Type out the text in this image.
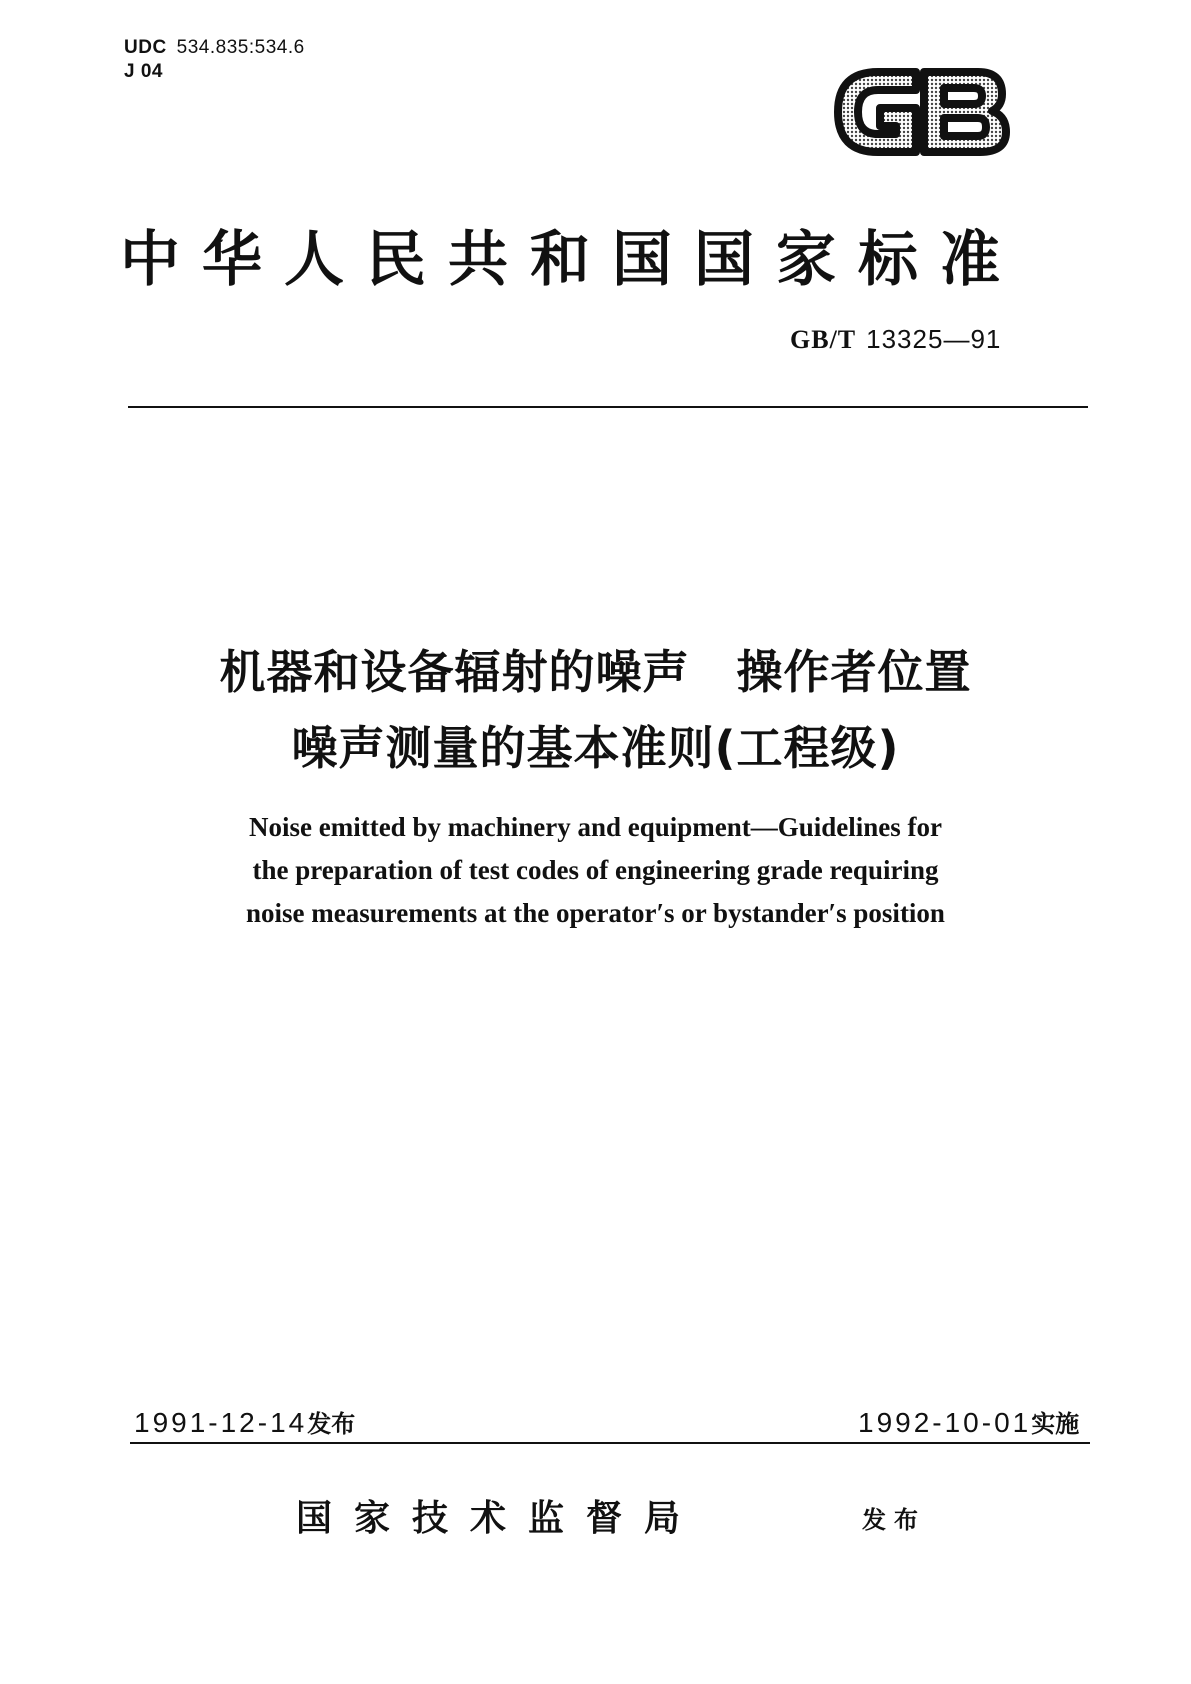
UDC 534.835:534.6
J 04
中华人民共和国国家标准
GB/T 13325—91
机器和设备辐射的噪声　操作者位置
噪声测量的基本准则(工程级)
Noise emitted by machinery and equipment—Guidelines for
the preparation of test codes of engineering grade requiring
noise measurements at the operator′s or bystander′s position
1991-12-14发布	1992-10-01实施
国家技术监督局	发布
